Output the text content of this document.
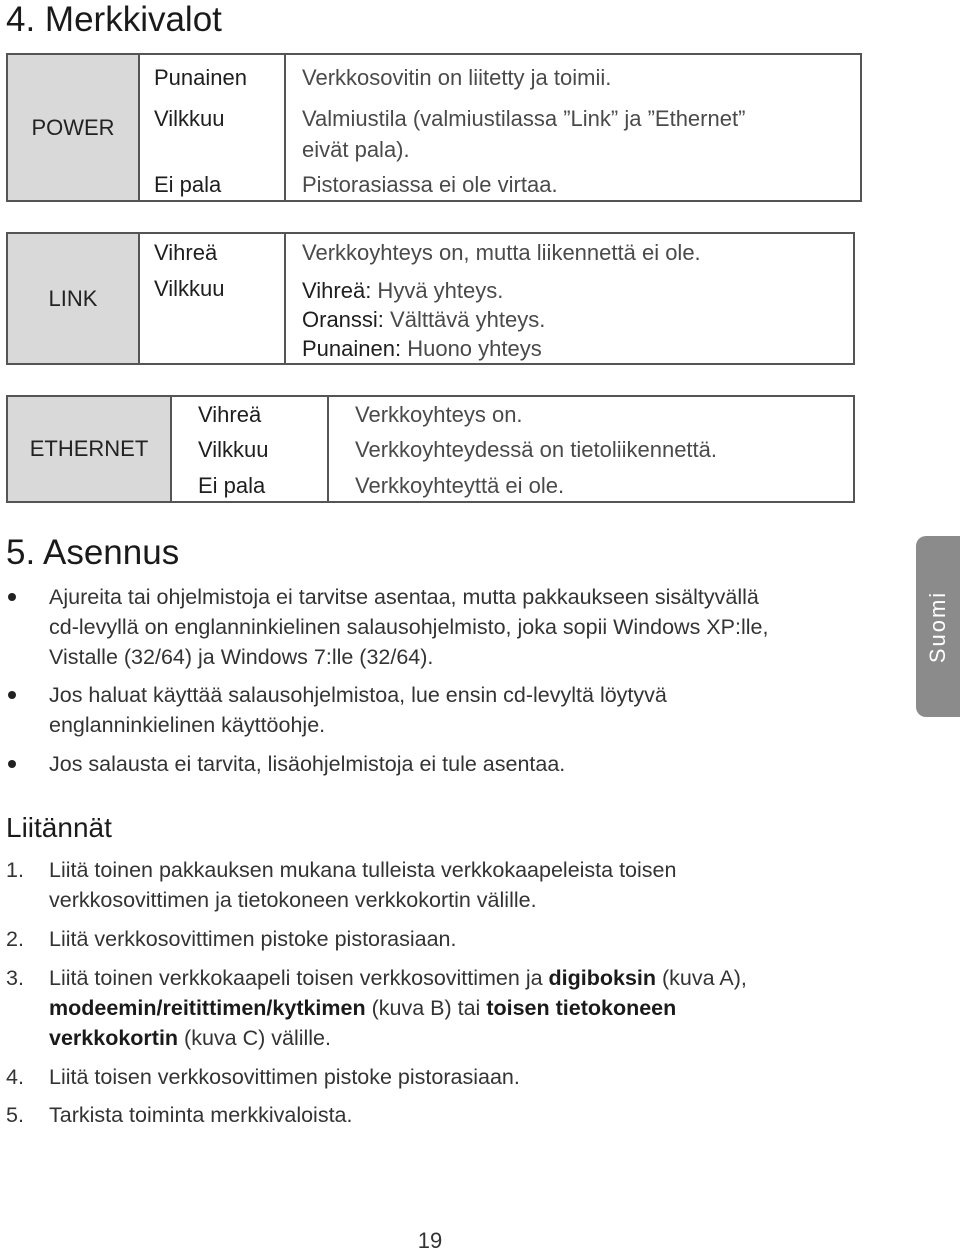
4. Merkkivalot
POWER
Punainen
Vilkkuu
Ei pala
Verkkosovitin on liitetty ja toimii.
Valmiustila (valmiustilassa ”Link” ja ”Ethernet”
eivät pala).
Pistorasiassa ei ole virtaa.
LINK
Vihreä
Vilkkuu
Verkkoyhteys on, mutta liikennettä ei ole.
Vihreä: Hyvä yhteys.
Oranssi: Välttävä yhteys.
Punainen: Huono yhteys
ETHERNET
Vihreä
Vilkkuu
Ei pala
Verkkoyhteys on.
Verkkoyhteydessä on tietoliikennettä.
Verkkoyhteyttä ei ole.
5. Asennus
Ajureita tai ohjelmistoja ei tarvitse asentaa, mutta pakkaukseen sisältyvällä
cd-levyllä on englanninkielinen salausohjelmisto, joka sopii Windows XP:lle,
Vistalle (32/64) ja Windows 7:lle (32/64).
Jos haluat käyttää salausohjelmistoa, lue ensin cd-levyltä löytyvä
englanninkielinen käyttöohje.
Jos salausta ei tarvita, lisäohjelmistoja ei tule asentaa.
Suomi
Liitännät
1. Liitä toinen pakkauksen mukana tulleista verkkokaapeleista toisen
verkkosovittimen ja tietokoneen verkkokortin välille.
2. Liitä verkkosovittimen pistoke pistorasiaan.
3. Liitä toinen verkkokaapeli toisen verkkosovittimen ja digiboksin (kuva A),
modeemin/reitittimen/kytkimen (kuva B) tai toisen tietokoneen
verkkokortin (kuva C) välille.
4. Liitä toisen verkkosovittimen pistoke pistorasiaan.
5. Tarkista toiminta merkkivaloista.
19
